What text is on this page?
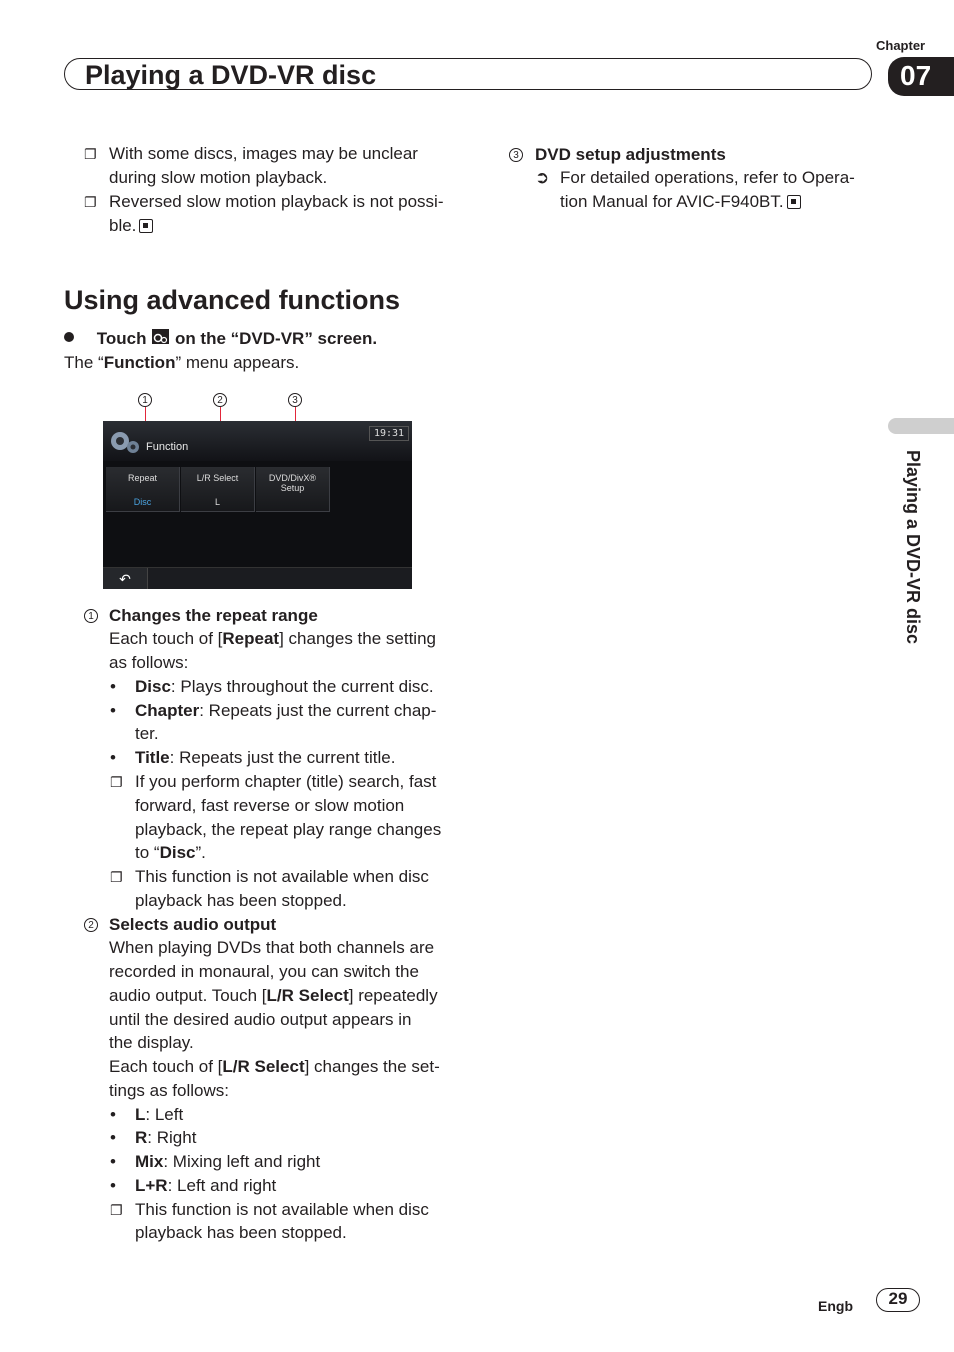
Chapter
Playing a DVD-VR disc	07
Playing a DVD-VR disc
❐ With some discs, images may be unclear
during slow motion playback.
❐ Reversed slow motion playback is not possi-
ble.
3 DVD setup adjustments
➲ For detailed operations, refer to Opera-
tion Manual for AVIC-F940BT.
Using advanced functions
Touch on the “DVD-VR” screen.
The “Function” menu appears.
1	2	3
Function
19:31
Repeat
Disc
L/R Select
L
DVD/DivX®
Setup
↶
1 Changes the repeat range
Each touch of [Repeat] changes the setting
as follows:
• Disc: Plays throughout the current disc.
• Chapter: Repeats just the current chap-
ter.
• Title: Repeats just the current title.
❐ If you perform chapter (title) search, fast
forward, fast reverse or slow motion
playback, the repeat play range changes
to “Disc”.
❐ This function is not available when disc
playback has been stopped.
2 Selects audio output
When playing DVDs that both channels are
recorded in monaural, you can switch the
audio output. Touch [L/R Select] repeatedly
until the desired audio output appears in
the display.
Each touch of [L/R Select] changes the set-
tings as follows:
• L: Left
• R: Right
• Mix: Mixing left and right
• L+R: Left and right
❐ This function is not available when disc
playback has been stopped.
Engb	29
